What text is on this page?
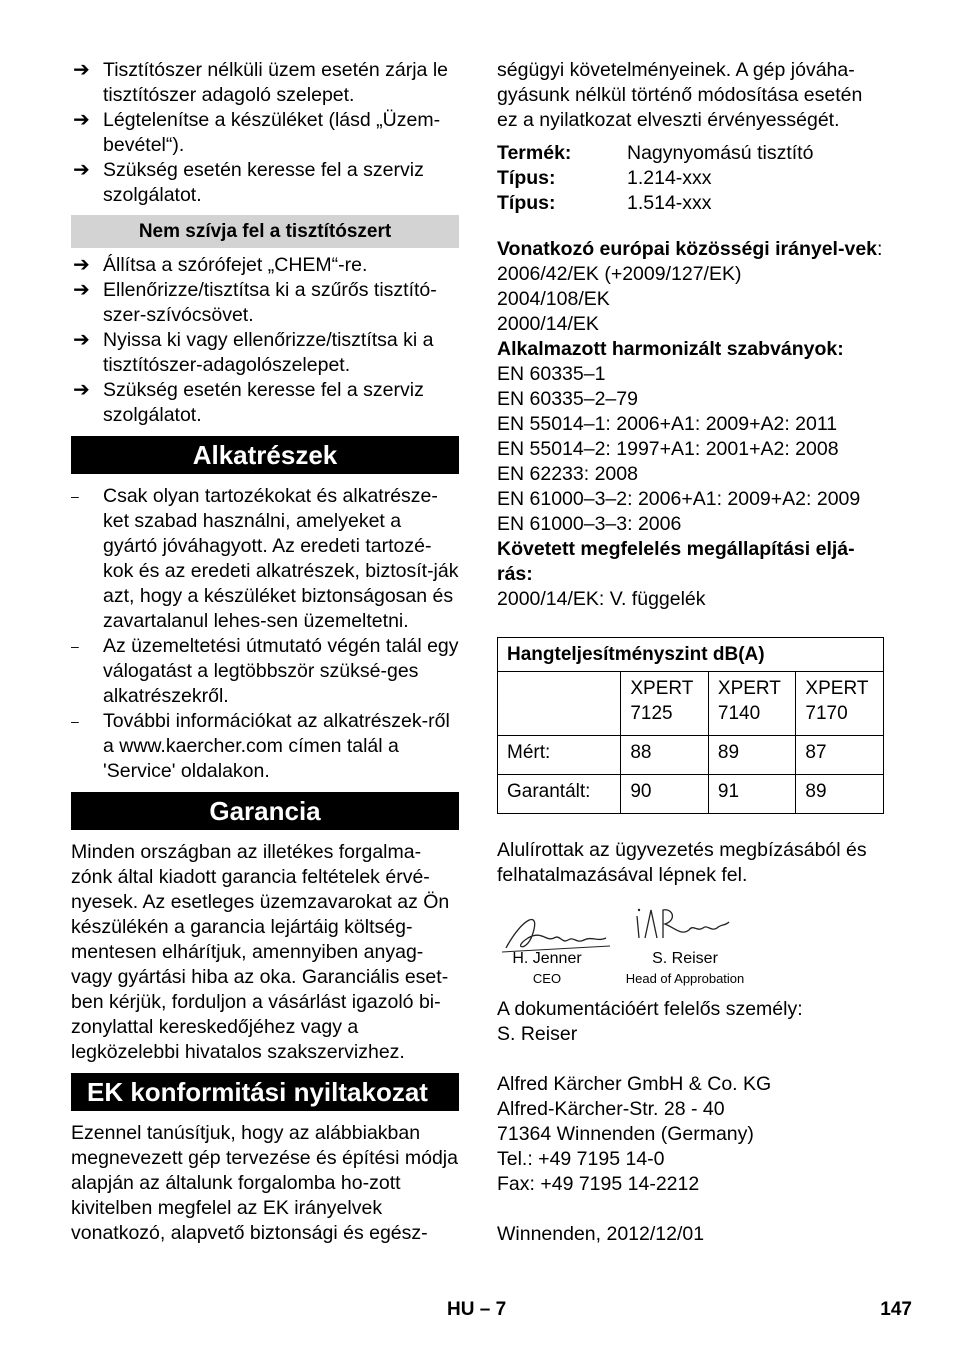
➔ Tisztítószer nélküli üzem esetén zárja le tisztítószer adagoló szelepet.
➔ Légtelenítse a készüléket (lásd „Üzem-bevétel“).
➔ Szükség esetén keresse fel a szerviz szolgálatot.
Nem szívja fel a tisztítószert
➔ Állítsa a szórófejet „CHEM“-re.
➔ Ellenőrizze/tisztítsa ki a szűrős tisztító-szer-szívócsövet.
➔ Nyissa ki vagy ellenőrizze/tisztítsa ki a tisztítószer-adagolószelepet.
➔ Szükség esetén keresse fel a szerviz szolgálatot.
Alkatrészek
– Csak olyan tartozékokat és alkatrésze-ket szabad használni, amelyeket a gyártó jóváhagyott. Az eredeti tartozé-kok és az eredeti alkatrészek, biztosít-ják azt, hogy a készüléket biztonságosan és zavartalanul lehes-sen üzemeltetni.
– Az üzemeltetési útmutató végén talál egy válogatást a legtöbbször szüksé-ges alkatrészekről.
– További információkat az alkatrészek-ről a www.kaercher.com címen talál a 'Service' oldalakon.
Garancia

Minden országban az illetékes forgalma-zónk által kiadott garancia feltételek érvé-nyesek. Az esetleges üzemzavarokat az Ön készülékén a garancia lejártáig költség-mentesen elhárítjuk, amennyiben anyag-vagy gyártási hiba az oka. Garanciális eset-ben kérjük, forduljon a vásárlást igazoló bi-zonylattal kereskedőjéhez vagy a legközelebbi hivatalos szakszervizhez.

EK konformitási nyiltakozat

Ezennel tanúsítjuk, hogy az alábbiakban megnevezett gép tervezése és építési módja alapján az általunk forgalomba ho-zott kivitelben megfelel az EK irányelvek vonatkozó, alapvető biztonsági és egész-

ségügyi követelményeinek. A gép jóváha-gyásunk nélkül történő módosítása esetén ez a nyilatkozat elveszti érvényességét.

Termék:	Nagynyomású tisztító
Típus:	1.214-xxx
Típus:	1.514-xxx

Vonatkozó európai közösségi irányel-vek:

2006/42/EK (+2009/127/EK)

2004/108/EK

2000/14/EK

Alkalmazott harmonizált szabványok:

EN 60335–1

EN 60335–2–79

EN 55014–1: 2006+A1: 2009+A2: 2011

EN 55014–2: 1997+A1: 2001+A2: 2008

EN 62233: 2008

EN 61000–3–2: 2006+A1: 2009+A2: 2009

EN 61000–3–3: 2006

Követett megfelelés megállapítási eljá-rás:

2000/14/EK: V. függelék

Hangteljesítményszint dB(A)			
	XPERT 7125	XPERT 7140	XPERT 7170
Mért:	88	89	87
Garantált:	90	91	89

Alulírottak az ügyvezetés megbízásából és felhatalmazásával lépnek fel.

H. Jenner
CEO
S. Reiser
Head of Approbation

A dokumentációért felelős személy:

S. Reiser

Alfred Kärcher GmbH & Co. KG

Alfred-Kärcher-Str. 28 - 40

71364 Winnenden (Germany)

Tel.: +49 7195 14-0

Fax: +49 7195 14-2212

Winnenden, 2012/12/01

HU – 7	147
